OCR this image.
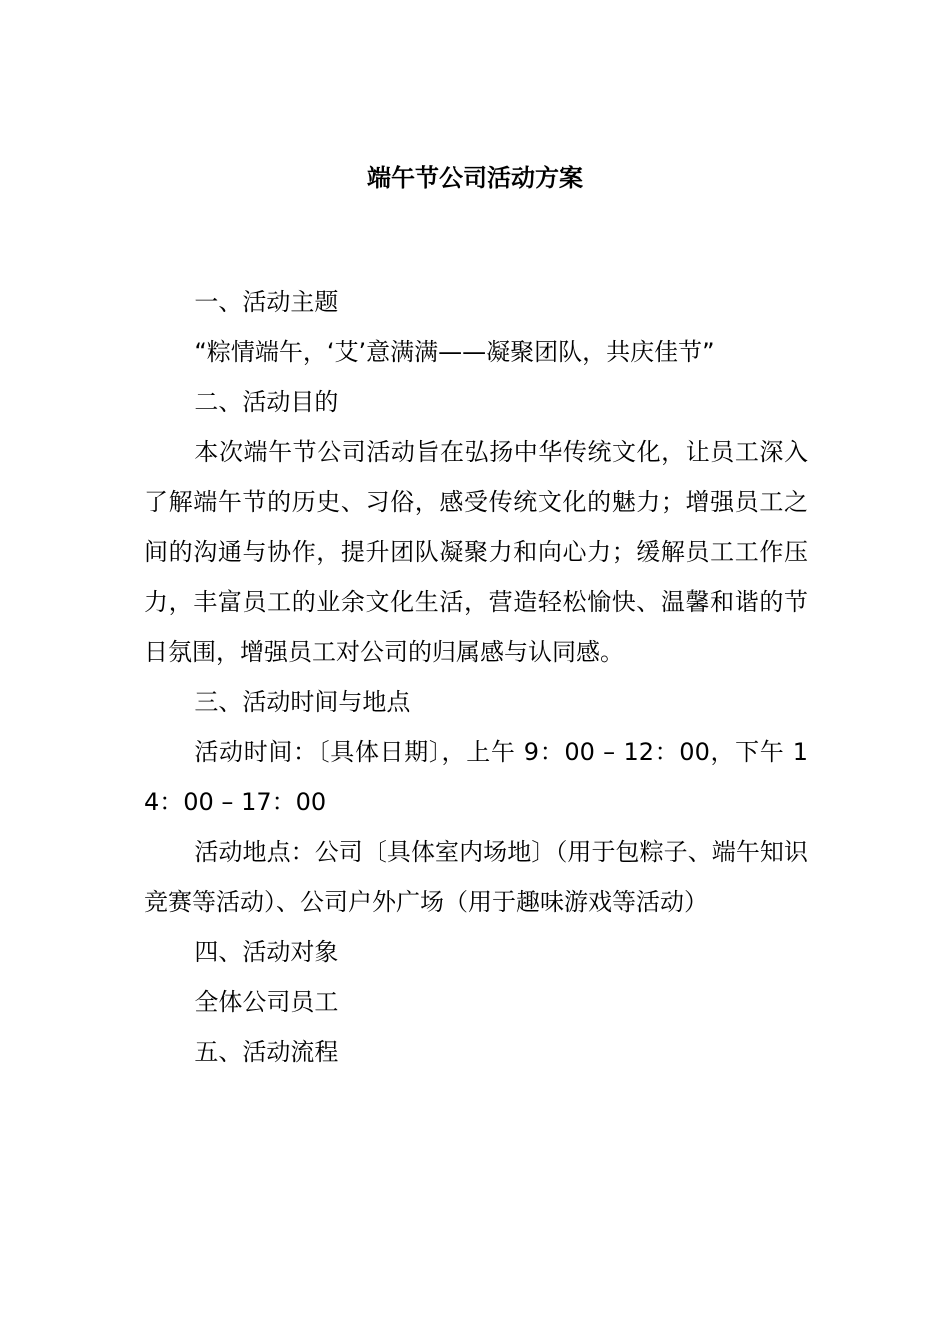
端午节公司活动方案

一、活动主题

“粽情端午，‘艾’意满满——凝聚团队，共庆佳节”

二、活动目的

本次端午节公司活动旨在弘扬中华传统文化，让员工深入了解端午节的历史、习俗，感受传统文化的魅力；增强员工之间的沟通与协作，提升团队凝聚力和向心力；缓解员工工作压力，丰富员工的业余文化生活，营造轻松愉快、温馨和谐的节日氛围，增强员工对公司的归属感与认同感。

三、活动时间与地点

活动时间：〔具体日期〕，上午 9：00 – 12：00，下午 14：00 – 17：00

活动地点：公司〔具体室内场地〕（用于包粽子、端午知识竞赛等活动）、公司户外广场（用于趣味游戏等活动）

四、活动对象

全体公司员工

五、活动流程
